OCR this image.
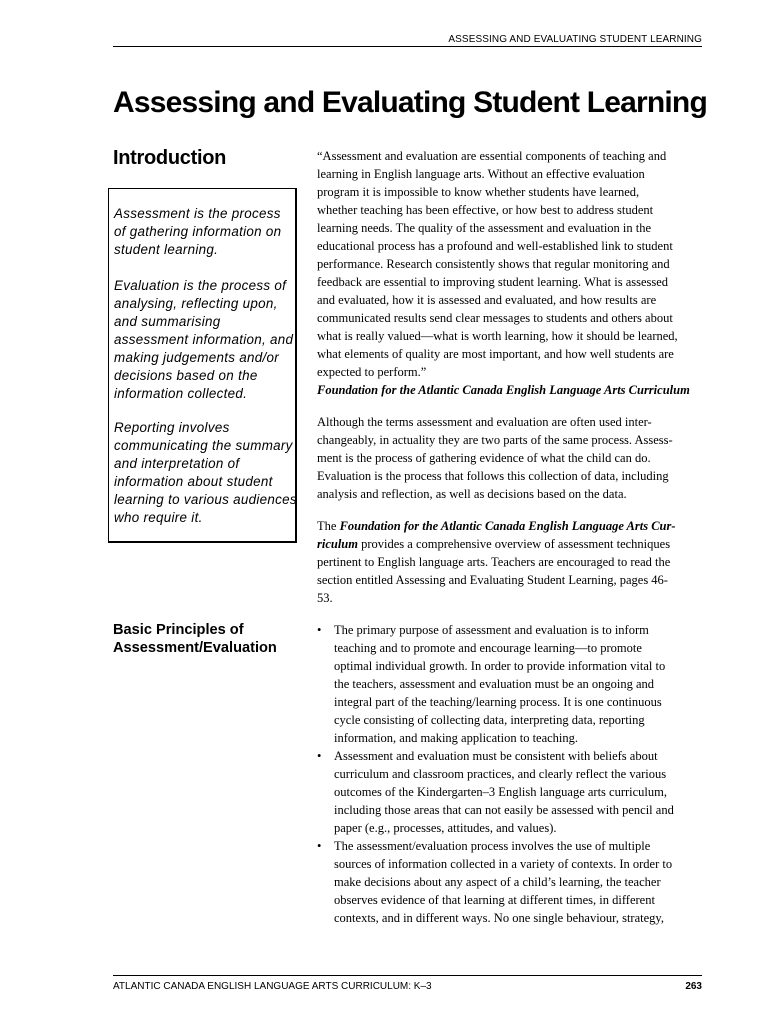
ASSESSING AND EVALUATING STUDENT LEARNING
Assessing and Evaluating Student Learning
Introduction
Assessment is the process
of gathering information on
student learning.
Evaluation is the process of
analysing, reflecting upon,
and summarising
assessment information, and
making judgements and/or
decisions based on the
information collected.
Reporting involves
communicating the summary
and interpretation of
information about student
learning to various audiences
who require it.
“Assessment and evaluation are essential components of teaching and
learning in English language arts. Without an effective evaluation
program it is impossible to know whether students have learned,
whether teaching has been effective, or how best to address student
learning needs. The quality of the assessment and evaluation in the
educational process has a profound and well-established link to student
performance. Research consistently shows that regular monitoring and
feedback are essential to improving student learning. What is assessed
and evaluated, how it is assessed and evaluated, and how results are
communicated results send clear messages to students and others about
what is really valued—what is worth learning, how it should be learned,
what elements of quality are most important, and how well students are
expected to perform.”
Foundation for the Atlantic Canada English Language Arts Curriculum
Although the terms assessment and evaluation are often used inter-
changeably, in actuality they are two parts of the same process. Assess-
ment is the process of gathering evidence of what the child can do.
Evaluation is the process that follows this collection of data, including
analysis and reflection, as well as decisions based on the data.
The Foundation for the Atlantic Canada English Language Arts Cur-
riculum provides a comprehensive overview of assessment techniques
pertinent to English language arts. Teachers are encouraged to read the
section entitled Assessing and Evaluating Student Learning, pages 46-
53.
Basic Principles of
Assessment/Evaluation
• The primary purpose of assessment and evaluation is to inform
teaching and to promote and encourage learning—to promote
optimal individual growth. In order to provide information vital to
the teachers, assessment and evaluation must be an ongoing and
integral part of the teaching/learning process. It is one continuous
cycle consisting of collecting data, interpreting data, reporting
information, and making application to teaching.
• Assessment and evaluation must be consistent with beliefs about
curriculum and classroom practices, and clearly reflect the various
outcomes of the Kindergarten–3 English language arts curriculum,
including those areas that can not easily be assessed with pencil and
paper (e.g., processes, attitudes, and values).
• The assessment/evaluation process involves the use of multiple
sources of information collected in a variety of contexts. In order to
make decisions about any aspect of a child’s learning, the teacher
observes evidence of that learning at different times, in different
contexts, and in different ways. No one single behaviour, strategy,
ATLANTIC CANADA ENGLISH LANGUAGE ARTS CURRICULUM: K–3	263
